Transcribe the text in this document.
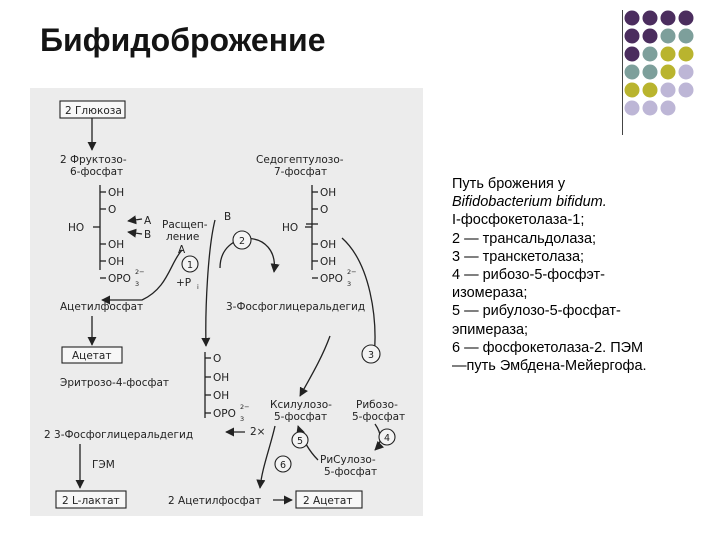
Бифидоброжение
2 Глюкоза
2 Фруктозо-
6-фосфат
OH
O
HO
OH
OH
OPO 3
2−
A
B
Расщеп-
ление
A
B
1
+P i
Ацетилфосфат
Ацетат
2
3-Фосфоглицеральдегид
Седогептулозо-
7-фосфат
OH
O
HO
OH
OH
OPO 3
2−
3
O
OH
OH
OPO 3
2−
Эритрозо-4-фосфат
Ксилулозо-
5-фосфат
Рибозо-
5-фосфат
4
РиСулозо-
5-фосфат
5
2×
6
2 3-Фосфоглицеральдегид
ГЭМ
2 L-лактат	2 Ацетилфосфат	2 Ацетат
Путь брожения у
Bifidobacterium bifidum.
I-фосфокетолаза-1;
2 — трансальдолаза;
3 — транскетолаза;
4 — рибозо-5-фосфэт-
изомераза;
5 — рибулозо-5-фосфат-
эпимераза;
6 — фосфокетолаза-2. ПЭМ
—путь Эмбдена-Мейергофа.
